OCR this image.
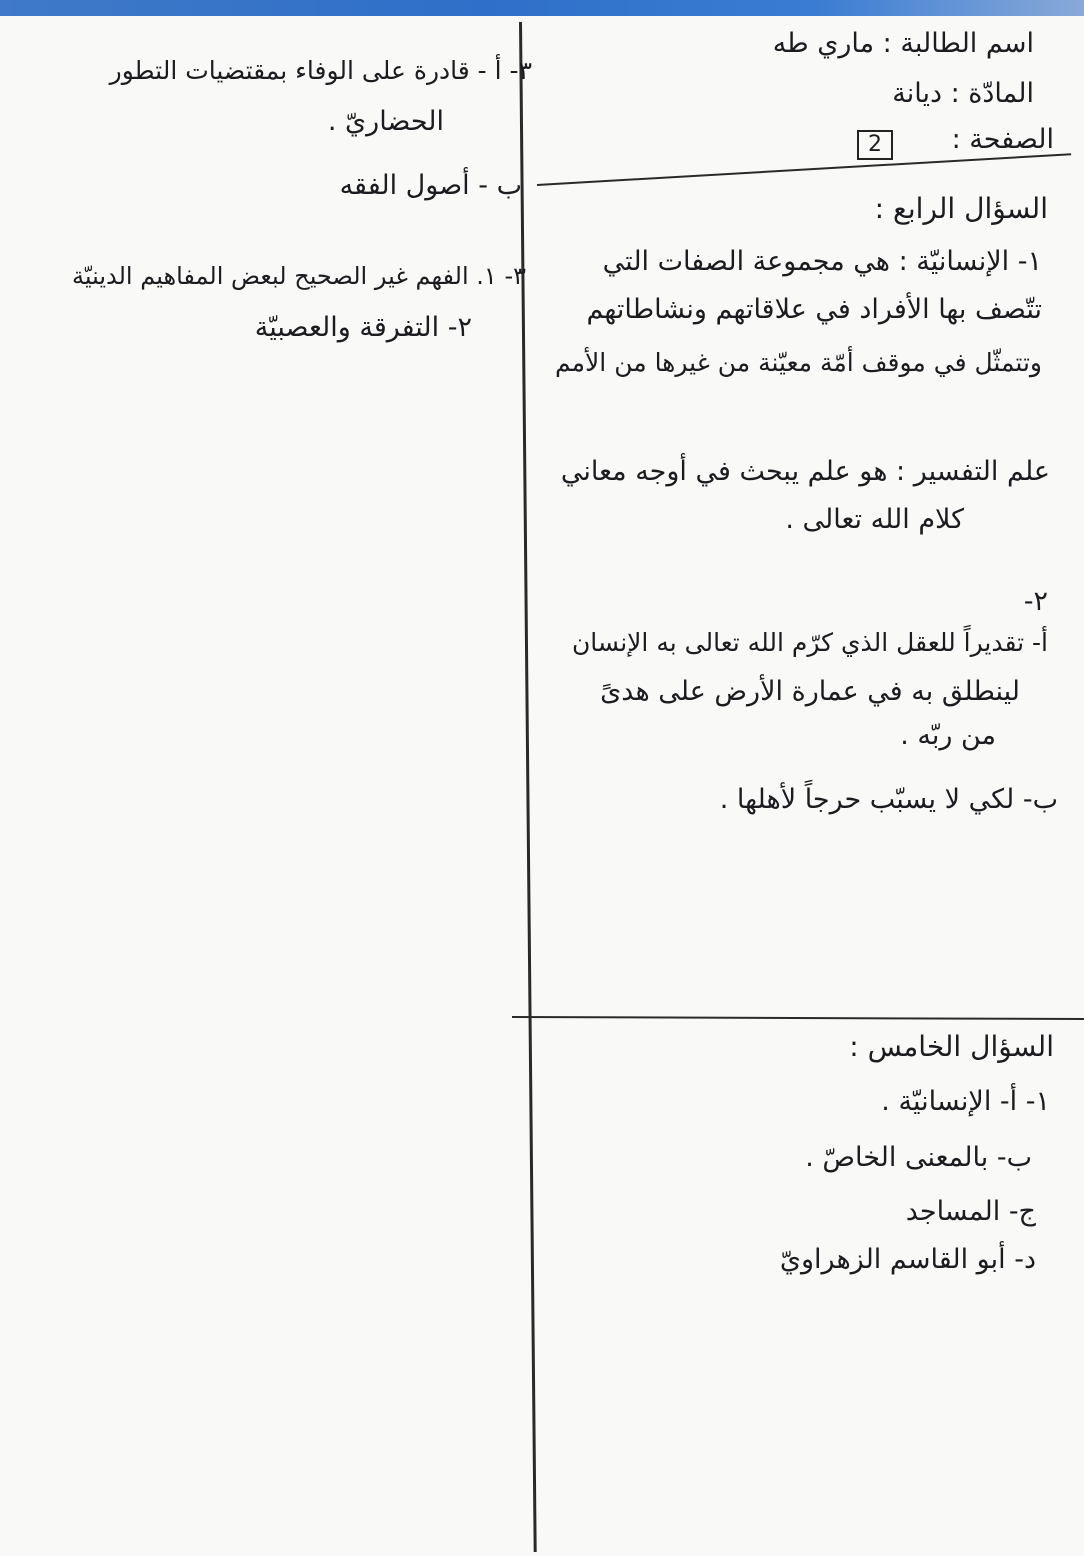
اسم الطالبة : ماري طه
المادّة : ديانة
الصفحة :
2
٣- أ - قادرة على الوفاء بمقتضيات التطور
الحضاريّ .
ب - أصول الفقه
٣- ١. الفهم غير الصحيح لبعض المفاهيم الدينيّة
٢- التفرقة والعصبيّة
السؤال الرابع :
١- الإنسانيّة : هي مجموعة الصفات التي
تتّصف بها الأفراد في علاقاتهم ونشاطاتهم
وتتمثّل في موقف أمّة معيّنة من غيرها من الأمم
علم التفسير : هو علم يبحث في أوجه معاني
كلام الله تعالى .
٢-
أ- تقديراً للعقل الذي كرّم الله تعالى به الإنسان
لينطلق به في عمارة الأرض على هدىً
من ربّه .
ب- لكي لا يسبّب حرجاً لأهلها .
السؤال الخامس :
١- أ- الإنسانيّة .
ب- بالمعنى الخاصّ .
ج- المساجد
د- أبو القاسم الزهراويّ
